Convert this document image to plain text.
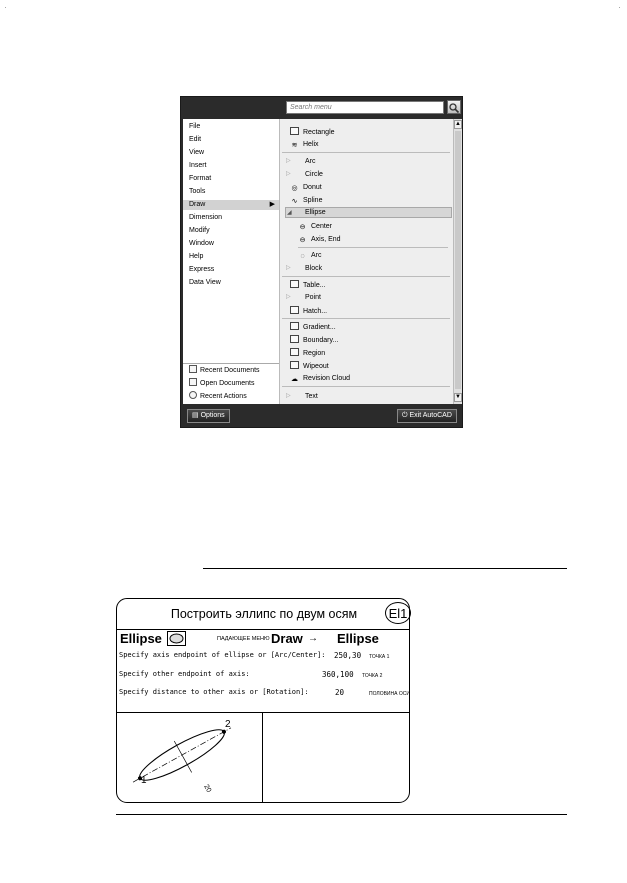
·	·
Search menu
File
Edit
View
Insert
Format
Tools
Draw	▶
Dimension
Modify
Window
Help
Express
Data View
Recent Documents
Open Documents
Recent Actions
Rectangle
≋ Helix
▷ Arc
▷ Circle
◎ Donut
∿ Spline
◢ Ellipse
⊖ Center
⊖ Axis, End
◌ Arc
▷ Block
Table...
▷ Point
Hatch...
Gradient...
Boundary...
Region
Wipeout
☁ Revision Cloud
▷ Text
▲
▼
▤ Options	⏻ Exit AutoCAD
Построить эллипс по двум осям	El1
Ellipse	ПАДАЮЩЕЕ МЕНЮ Draw → Ellipse
Specify axis endpoint of ellipse or [Arc/Center]: 250,30 ТОЧКА 1
Specify other endpoint of axis:	360,100 ТОЧКА 2
Specify distance to other axis or [Rotation]:	20	ПОЛОВИНА ОСИ
1
2
20
